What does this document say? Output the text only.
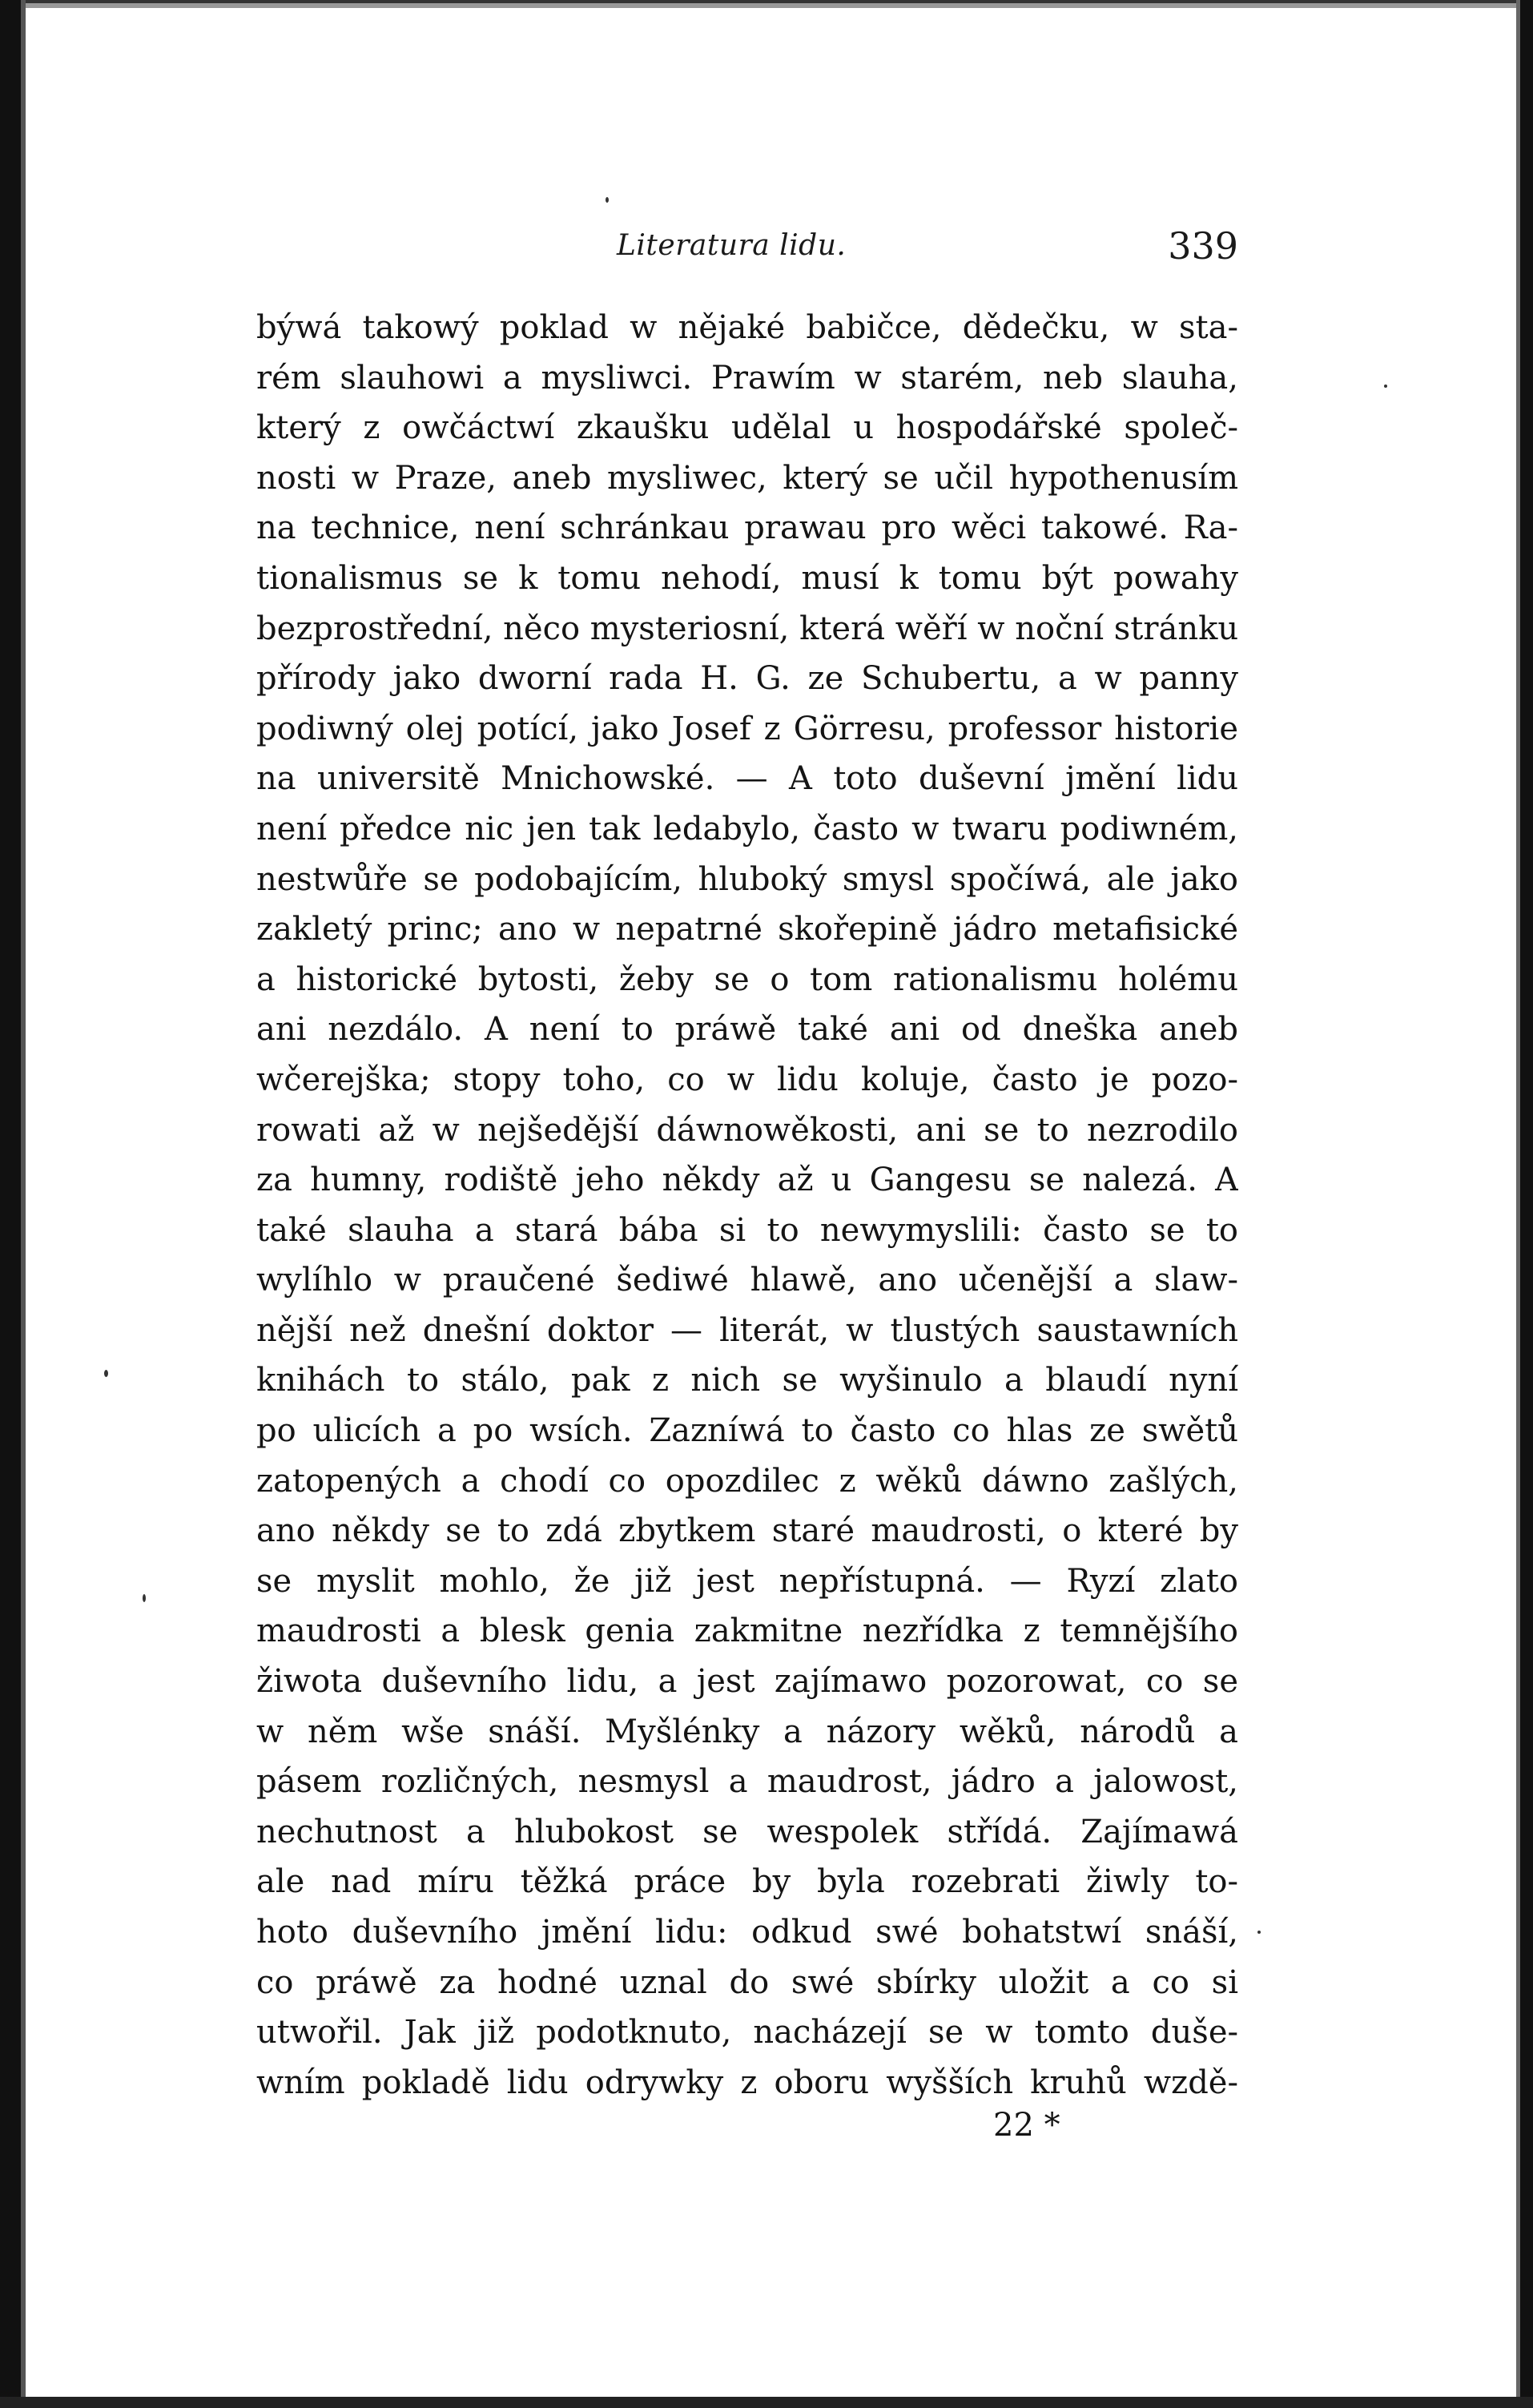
Literatura lidu.	339
býwá takowý poklad w nějaké babičce, dědečku, w sta-
rém slauhowi a mysliwci. Prawím w starém, neb slauha,
který z owčáctwí zkaušku udělal u hospodářské společ-
nosti w Praze, aneb mysliwec, který se učil hypothenusím
na technice, není schránkau prawau pro wěci takowé. Ra-
tionalismus se k tomu nehodí, musí k tomu být powahy
bezprostřední, něco mysteriosní, která wěří w noční stránku
přírody jako dworní rada H. G. ze Schubertu, a w panny
podiwný olej potící, jako Josef z Görresu, professor historie
na universitě Mnichowské. — A toto duševní jmění lidu
není předce nic jen tak ledabylo, často w twaru podiwném,
nestwůře se podobajícím, hluboký smysl spočíwá, ale jako
zakletý princ; ano w nepatrné skořepině jádro metafisické
a historické bytosti, žeby se o tom rationalismu holému
ani nezdálo. A není to práwě také ani od dneška aneb
wčerejška; stopy toho, co w lidu koluje, často je pozo-
rowati až w nejšedější dáwnowěkosti, ani se to nezrodilo
za humny, rodiště jeho někdy až u Gangesu se nalezá. A
také slauha a stará bába si to newymyslili: často se to
wylíhlo w praučené šediwé hlawě, ano učenější a slaw-
nější než dnešní doktor — literát, w tlustých saustawních
knihách to stálo, pak z nich se wyšinulo a blaudí nyní
po ulicích a po wsích. Zazníwá to často co hlas ze swětů
zatopených a chodí co opozdilec z wěků dáwno zašlých,
ano někdy se to zdá zbytkem staré maudrosti, o které by
se myslit mohlo, že již jest nepřístupná. — Ryzí zlato
maudrosti a blesk genia zakmitne nezřídka z temnějšího
žiwota duševního lidu, a jest zajímawo pozorowat, co se
w něm wše snáší. Myšlénky a názory wěků, národů a
pásem rozličných, nesmysl a maudrost, jádro a jalowost,
nechutnost a hlubokost se wespolek střídá. Zajímawá
ale nad míru těžká práce by byla rozebrati žiwly to-
hoto duševního jmění lidu: odkud swé bohatstwí snáší,
co práwě za hodné uznal do swé sbírky uložit a co si
utwořil. Jak již podotknuto, nacházejí se w tomto duše-
wním pokladě lidu odrywky z oboru wyšších kruhů wzdě-
22 *
